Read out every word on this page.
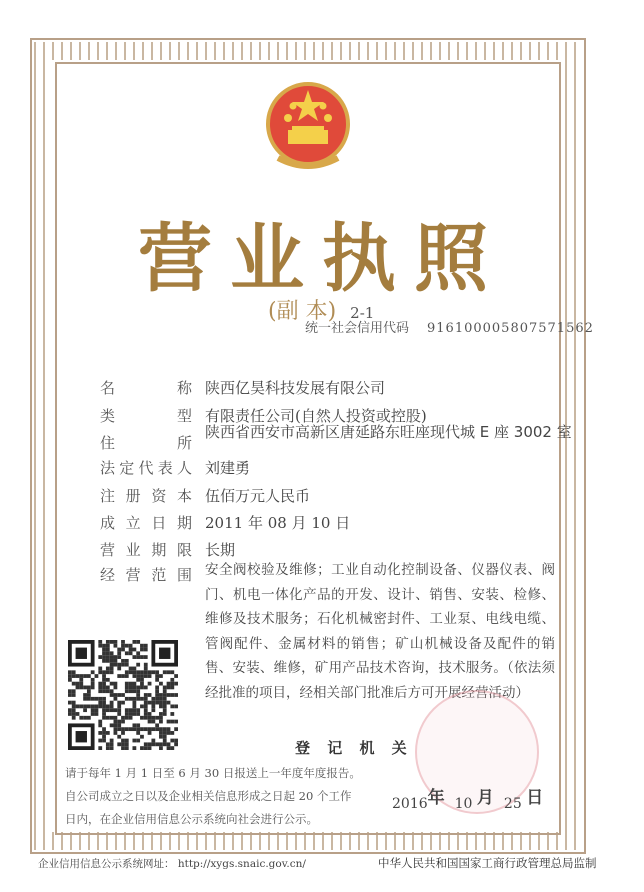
营业执照
(副 本) 2-1
统一社会信用代码 916100005807571562
名称 陕西亿昊科技发展有限公司
类型 有限责任公司(自然人投资或控股)
住所
陕西省西安市高新区唐延路东旺座现代城 E 座 3002 室
法定代表人 刘建勇
注册资本 伍佰万元人民币
成立日期 2011 年 08 月 10 日
营业期限 长期
经营范围 安全阀校验及维修；工业自动化控制设备、仪器仪表、阀门、机电一体化产品的开发、设计、销售、安装、检修、维修及技术服务；石化机械密封件、工业泵、电线电缆、管阀配件、金属材料的销售；矿山机械设备及配件的销售、安装、维修，矿用产品技术咨询，技术服务。（依法须经批准的项目，经相关部门批准后方可开展经营活动）
登 记 机 关
请于每年 1 月 1 日至 6 月 30 日报送上一年度年度报告。
自公司成立之日以及企业相关信息形成之日起 20 个工作
日内，在企业信用信息公示系统向社会进行公示。
2016年 10 月 25 日
企业信用信息公示系统网址： http://xygs.snaic.gov.cn/	中华人民共和国国家工商行政管理总局监制
